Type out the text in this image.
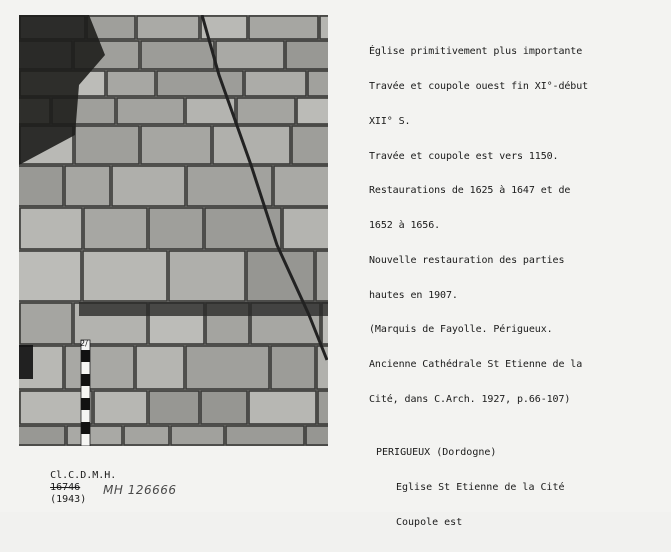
2/

Église primitivement plus importante

Travée et coupole ouest fin XI°-début

XII° S.

Travée et coupole est vers 1150.

Restaurations de 1625 à 1647 et de

1652 à 1656.

Nouvelle restauration des parties

hautes en 1907.

(Marquis de Fayolle. Périgueux.

Ancienne Cathédrale St Etienne de la

Cité, dans C.Arch. 1927, p.66-107)

PERIGUEUX (Dordogne)

Eglise St Etienne de la Cité

Coupole est

Cl.C.D.M.H.
16746
(1943)

MH 126666
